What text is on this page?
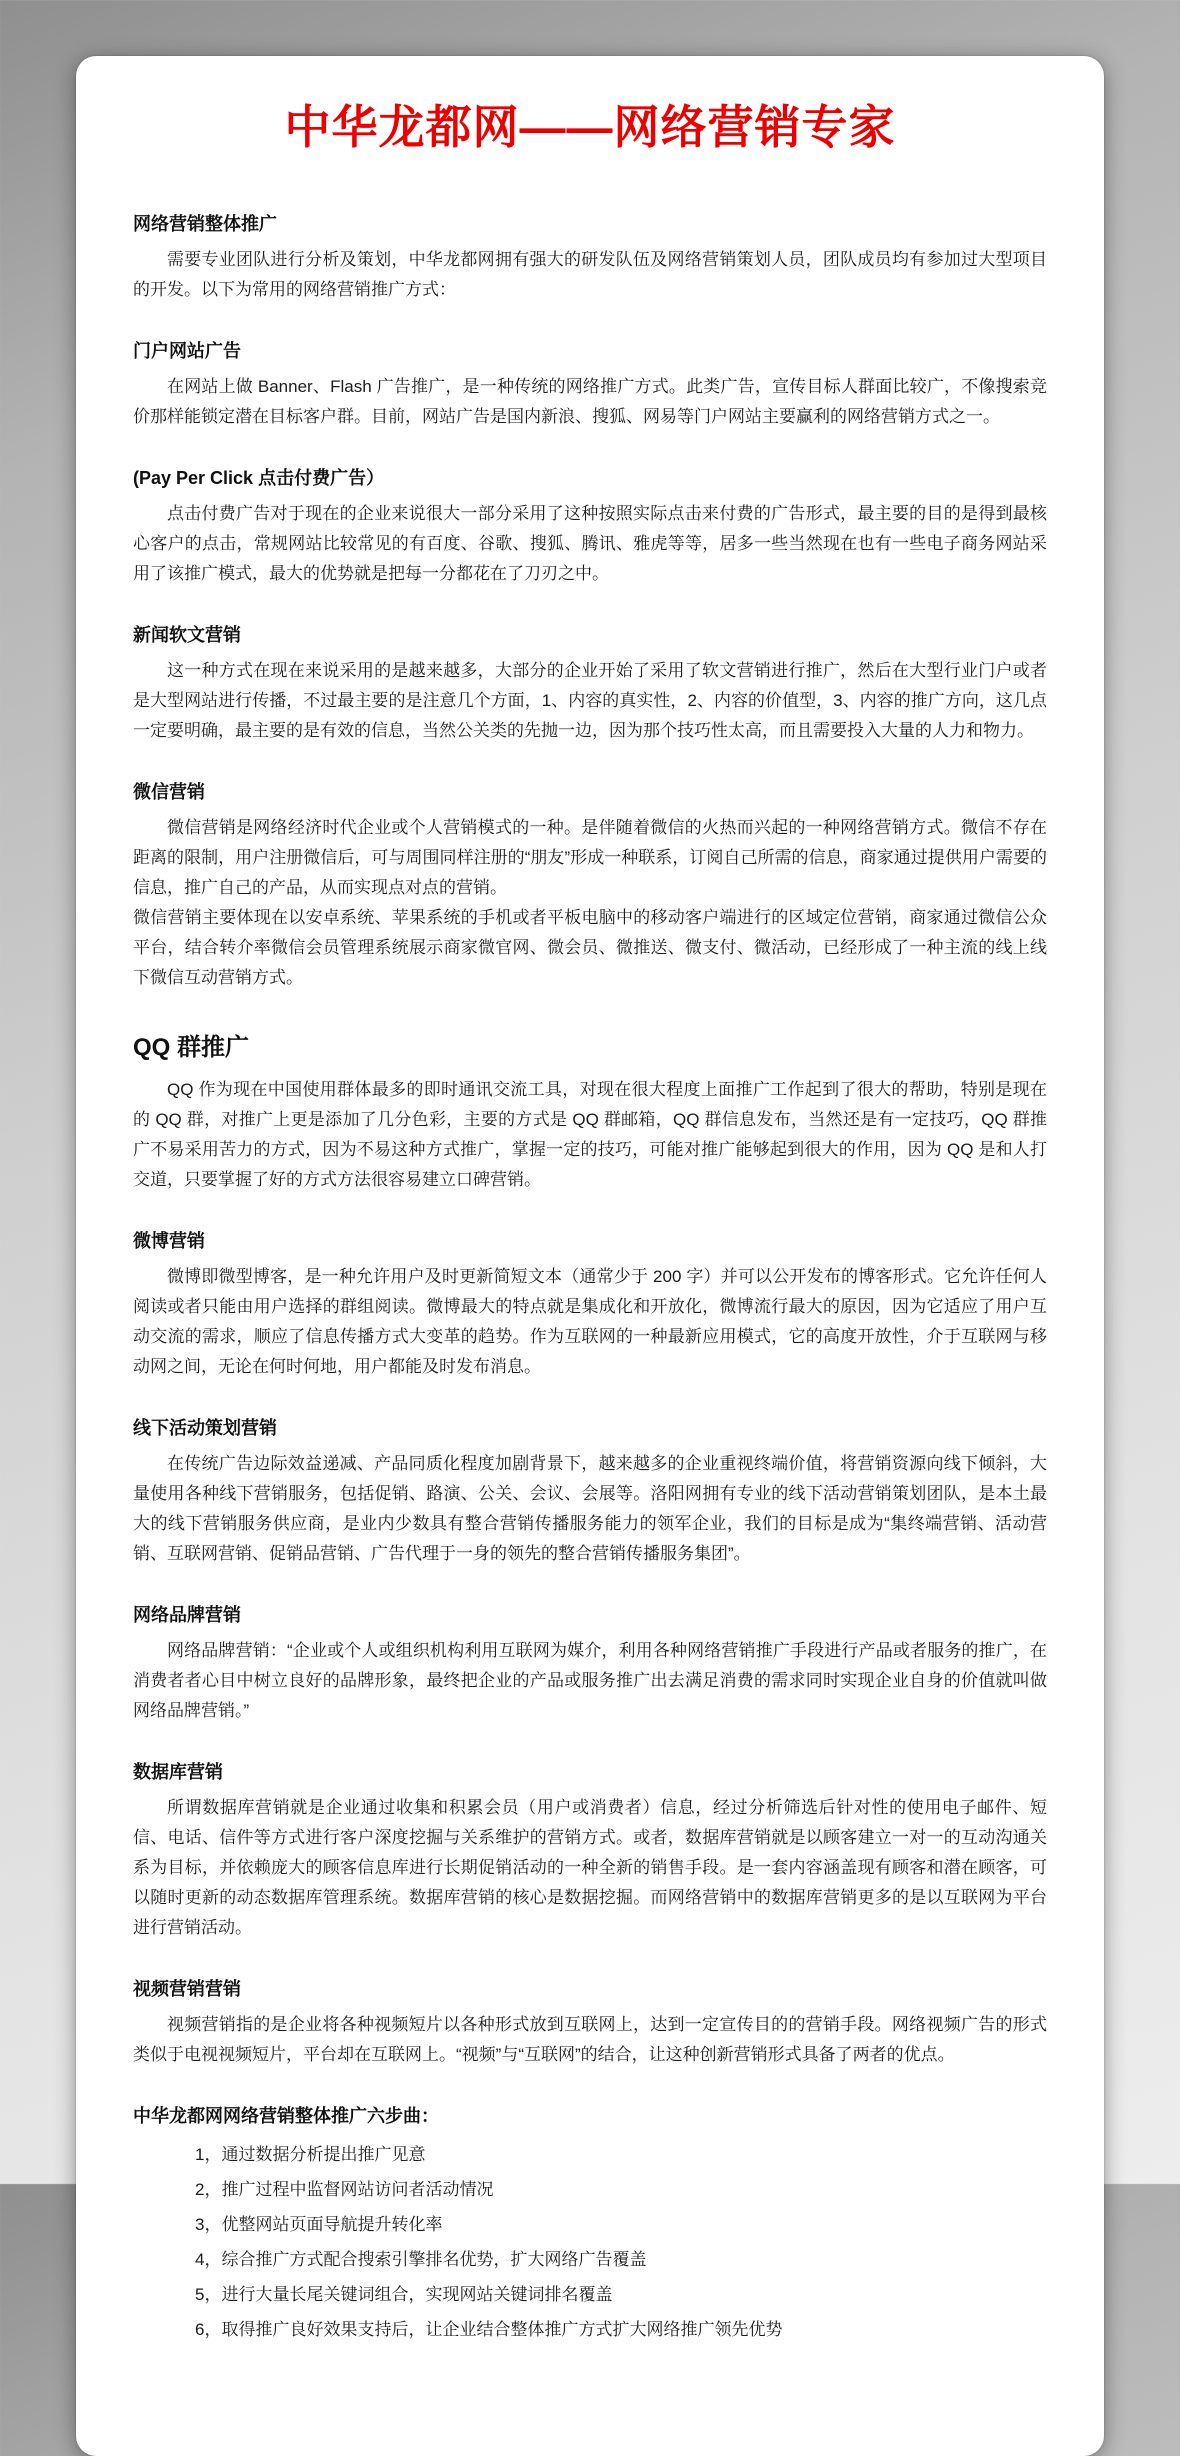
中华龙都网——网络营销专家
网络营销整体推广

需要专业团队进行分析及策划，中华龙都网拥有强大的研发队伍及网络营销策划人员，团队成员均有参加过大型项目的开发。以下为常用的网络营销推广方式：

门户网站广告

在网站上做 Banner、Flash 广告推广，是一种传统的网络推广方式。此类广告，宣传目标人群面比较广，不像搜索竞价那样能锁定潜在目标客户群。目前，网站广告是国内新浪、搜狐、网易等门户网站主要赢利的网络营销方式之一。

(Pay Per Click 点击付费广告）

点击付费广告对于现在的企业来说很大一部分采用了这种按照实际点击来付费的广告形式，最主要的目的是得到最核心客户的点击，常规网站比较常见的有百度、谷歌、搜狐、腾讯、雅虎等等，居多一些当然现在也有一些电子商务网站采用了该推广模式，最大的优势就是把每一分都花在了刀刃之中。

新闻软文营销

这一种方式在现在来说采用的是越来越多，大部分的企业开始了采用了软文营销进行推广，然后在大型行业门户或者是大型网站进行传播，不过最主要的是注意几个方面，1、内容的真实性，2、内容的价值型，3、内容的推广方向，这几点一定要明确，最主要的是有效的信息，当然公关类的先抛一边，因为那个技巧性太高，而且需要投入大量的人力和物力。

微信营销

微信营销是网络经济时代企业或个人营销模式的一种。是伴随着微信的火热而兴起的一种网络营销方式。微信不存在距离的限制，用户注册微信后，可与周围同样注册的“朋友”形成一种联系，订阅自己所需的信息，商家通过提供用户需要的信息，推广自己的产品，从而实现点对点的营销。

微信营销主要体现在以安卓系统、苹果系统的手机或者平板电脑中的移动客户端进行的区域定位营销，商家通过微信公众平台，结合转介率微信会员管理系统展示商家微官网、微会员、微推送、微支付、微活动，已经形成了一种主流的线上线下微信互动营销方式。

QQ 群推广

QQ 作为现在中国使用群体最多的即时通讯交流工具，对现在很大程度上面推广工作起到了很大的帮助，特别是现在的 QQ 群，对推广上更是添加了几分色彩，主要的方式是 QQ 群邮箱，QQ 群信息发布，当然还是有一定技巧，QQ 群推广不易采用苦力的方式，因为不易这种方式推广，掌握一定的技巧，可能对推广能够起到很大的作用，因为 QQ 是和人打交道，只要掌握了好的方式方法很容易建立口碑营销。

微博营销

微博即微型博客，是一种允许用户及时更新简短文本（通常少于 200 字）并可以公开发布的博客形式。它允许任何人阅读或者只能由用户选择的群组阅读。微博最大的特点就是集成化和开放化，微博流行最大的原因，因为它适应了用户互动交流的需求，顺应了信息传播方式大变革的趋势。作为互联网的一种最新应用模式，它的高度开放性，介于互联网与移动网之间，无论在何时何地，用户都能及时发布消息。

线下活动策划营销

在传统广告边际效益递减、产品同质化程度加剧背景下，越来越多的企业重视终端价值，将营销资源向线下倾斜，大量使用各种线下营销服务，包括促销、路演、公关、会议、会展等。洛阳网拥有专业的线下活动营销策划团队，是本土最大的线下营销服务供应商，是业内少数具有整合营销传播服务能力的领军企业，我们的目标是成为“集终端营销、活动营销、互联网营销、促销品营销、广告代理于一身的领先的整合营销传播服务集团”。

网络品牌营销

网络品牌营销：“企业或个人或组织机构利用互联网为媒介，利用各种网络营销推广手段进行产品或者服务的推广，在消费者者心目中树立良好的品牌形象，最终把企业的产品或服务推广出去满足消费的需求同时实现企业自身的价值就叫做网络品牌营销。”

数据库营销

所谓数据库营销就是企业通过收集和积累会员（用户或消费者）信息，经过分析筛选后针对性的使用电子邮件、短信、电话、信件等方式进行客户深度挖掘与关系维护的营销方式。或者，数据库营销就是以顾客建立一对一的互动沟通关系为目标，并依赖庞大的顾客信息库进行长期促销活动的一种全新的销售手段。是一套内容涵盖现有顾客和潜在顾客，可以随时更新的动态数据库管理系统。数据库营销的核心是数据挖掘。而网络营销中的数据库营销更多的是以互联网为平台进行营销活动。

视频营销营销

视频营销指的是企业将各种视频短片以各种形式放到互联网上，达到一定宣传目的的营销手段。网络视频广告的形式类似于电视视频短片，平台却在互联网上。“视频”与“互联网”的结合，让这种创新营销形式具备了两者的优点。

中华龙都网网络营销整体推广六步曲：
1，通过数据分析提出推广见意
2，推广过程中监督网站访问者活动情况
3，优整网站页面导航提升转化率
4，综合推广方式配合搜索引擎排名优势，扩大网络广告覆盖
5，进行大量长尾关键词组合，实现网站关键词排名覆盖
6，取得推广良好效果支持后，让企业结合整体推广方式扩大网络推广领先优势
